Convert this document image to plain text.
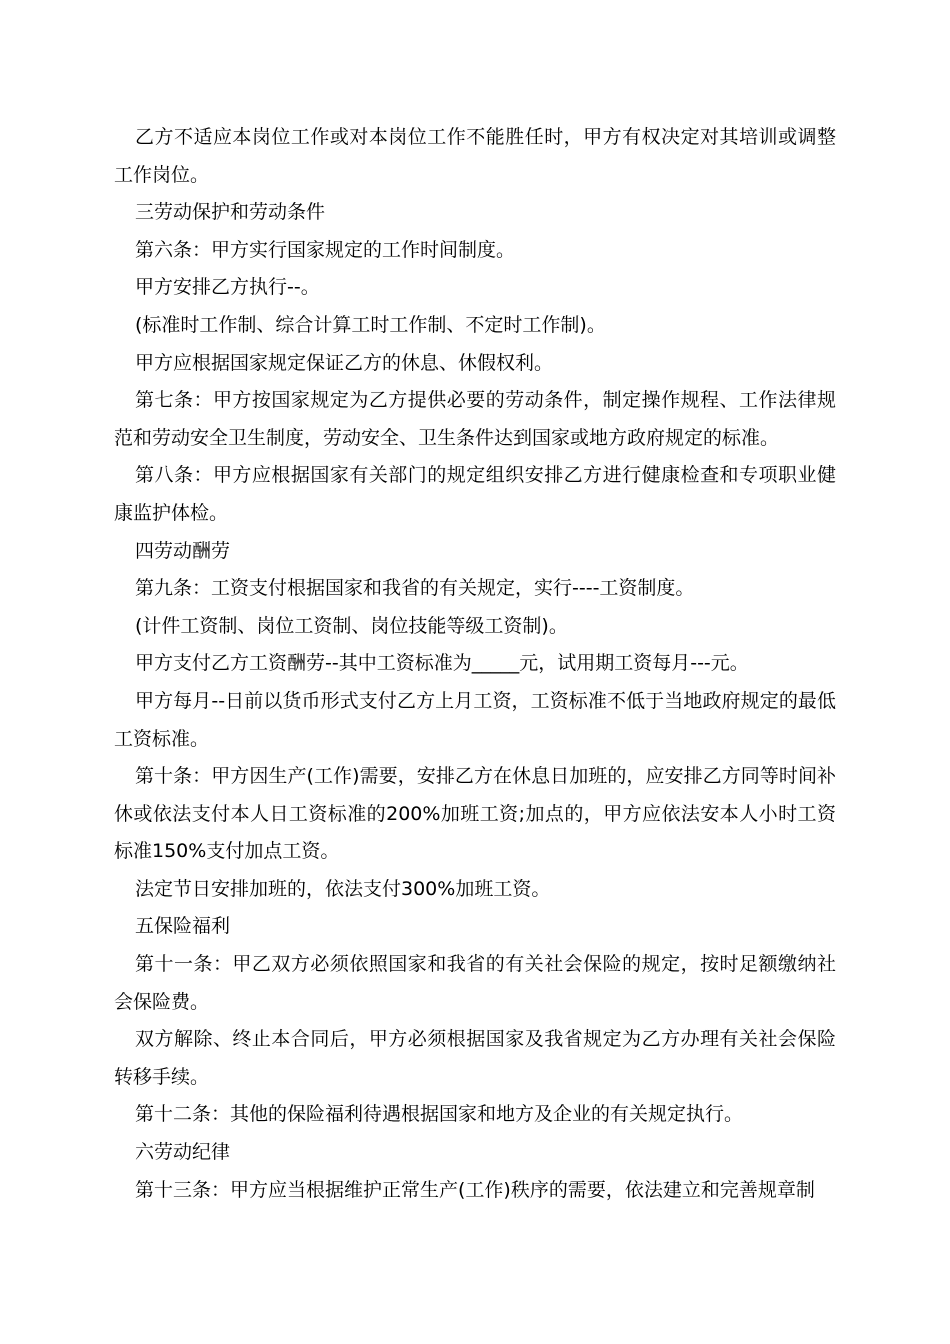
乙方不适应本岗位工作或对本岗位工作不能胜任时，甲方有权决定对其培训或调整工作岗位。

三劳动保护和劳动条件

第六条：甲方实行国家规定的工作时间制度。

甲方安排乙方执行--。

(标准时工作制、综合计算工时工作制、不定时工作制)。

甲方应根据国家规定保证乙方的休息、休假权利。

第七条：甲方按国家规定为乙方提供必要的劳动条件，制定操作规程、工作法律规范和劳动安全卫生制度，劳动安全、卫生条件达到国家或地方政府规定的标准。

第八条：甲方应根据国家有关部门的规定组织安排乙方进行健康检查和专项职业健康监护体检。

四劳动酬劳

第九条：工资支付根据国家和我省的有关规定，实行----工资制度。

(计件工资制、岗位工资制、岗位技能等级工资制)。

甲方支付乙方工资酬劳--其中工资标准为_____元，试用期工资每月---元。

甲方每月--日前以货币形式支付乙方上月工资，工资标准不低于当地政府规定的最低工资标准。

第十条：甲方因生产(工作)需要，安排乙方在休息日加班的，应安排乙方同等时间补休或依法支付本人日工资标准的200%加班工资;加点的，甲方应依法安本人小时工资标准150%支付加点工资。

法定节日安排加班的，依法支付300%加班工资。

五保险福利

第十一条：甲乙双方必须依照国家和我省的有关社会保险的规定，按时足额缴纳社会保险费。

双方解除、终止本合同后，甲方必须根据国家及我省规定为乙方办理有关社会保险转移手续。

第十二条：其他的保险福利待遇根据国家和地方及企业的有关规定执行。

六劳动纪律

第十三条：甲方应当根据维护正常生产(工作)秩序的需要，依法建立和完善规章制
